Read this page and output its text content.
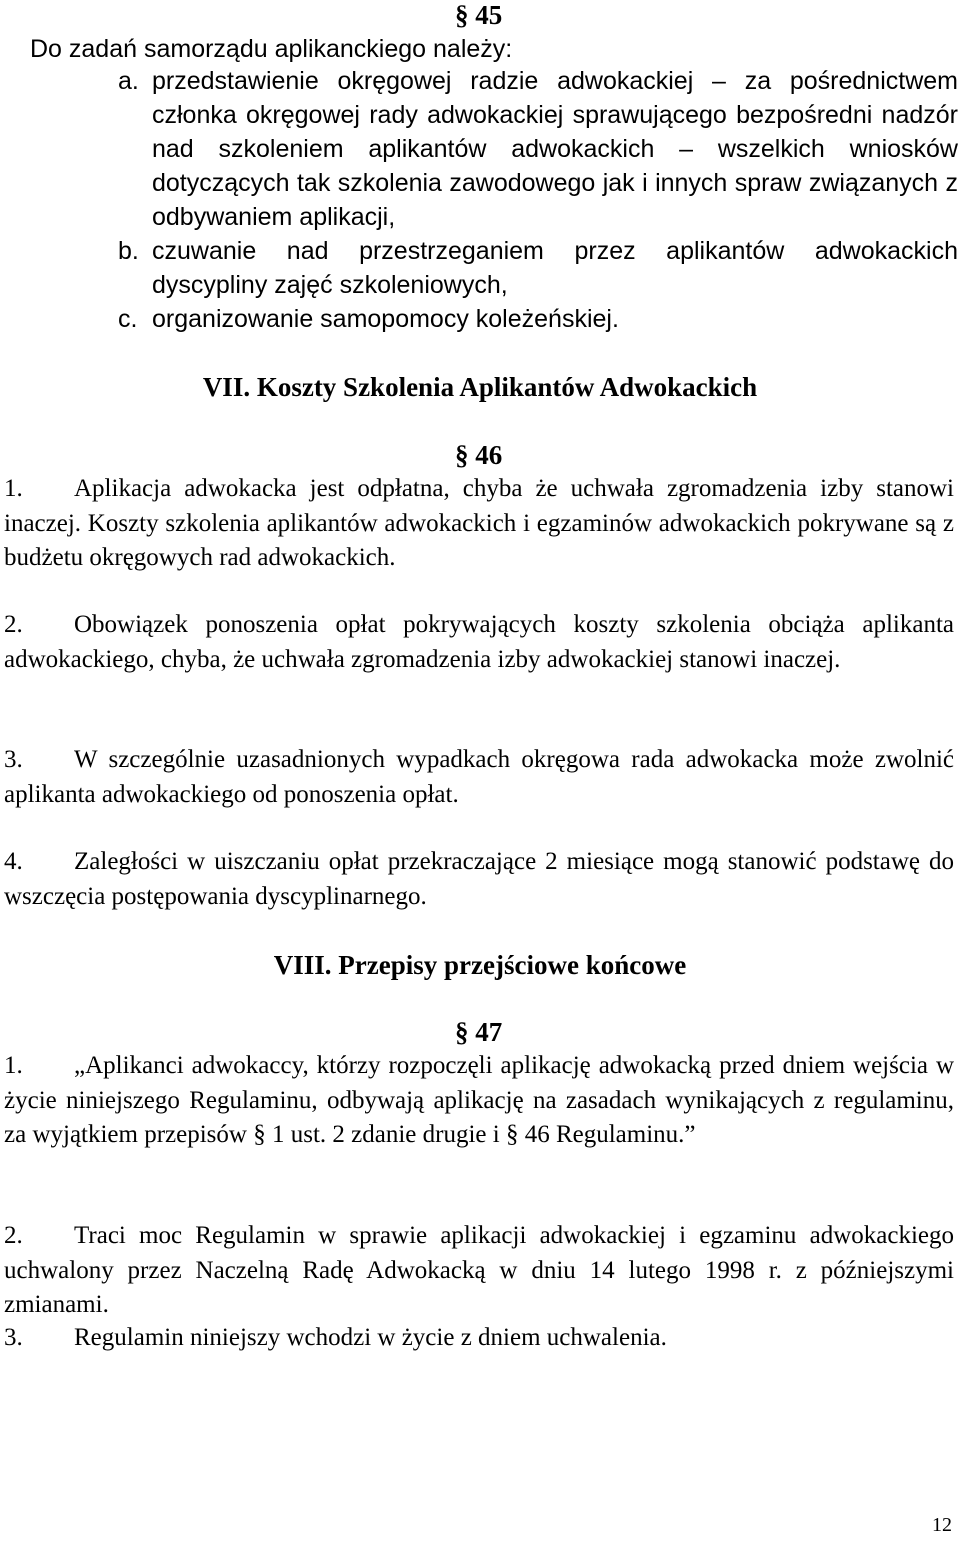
§ 45
Do zadań samorządu aplikanckiego należy:
a. przedstawienie okręgowej radzie adwokackiej – za pośrednictwem członka okręgowej rady adwokackiej sprawującego bezpośredni nadzór nad szkoleniem aplikantów adwokackich – wszelkich wniosków dotyczących tak szkolenia zawodowego jak i innych spraw związanych z odbywaniem aplikacji,
b. czuwanie nad przestrzeganiem przez aplikantów adwokackich dyscypliny zajęć szkoleniowych,
c. organizowanie samopomocy koleżeńskiej.
VII. Koszty Szkolenia Aplikantów Adwokackich
§ 46

1. Aplikacja adwokacka jest odpłatna, chyba że uchwała zgromadzenia izby stanowi inaczej. Koszty szkolenia aplikantów adwokackich i egzaminów adwokackich pokrywane są z budżetu okręgowych rad adwokackich.

2. Obowiązek ponoszenia opłat pokrywających koszty szkolenia obciąża aplikanta adwokackiego, chyba, że uchwała zgromadzenia izby adwokackiej stanowi inaczej.

3. W szczególnie uzasadnionych wypadkach okręgowa rada adwokacka może zwolnić aplikanta adwokackiego od ponoszenia opłat.

4. Zaległości w uiszczaniu opłat przekraczające 2 miesiące mogą stanowić podstawę do wszczęcia postępowania dyscyplinarnego.

VIII. Przepisy przejściowe końcowe
§ 47

1. „Aplikanci adwokaccy, którzy rozpoczęli aplikację adwokacką przed dniem wejścia w życie niniejszego Regulaminu, odbywają aplikację na zasadach wynikających z regulaminu, za wyjątkiem przepisów § 1 ust. 2 zdanie drugie i § 46 Regulaminu.”

2. Traci moc Regulamin w sprawie aplikacji adwokackiej i egzaminu adwokackiego uchwalony przez Naczelną Radę Adwokacką w dniu 14 lutego 1998 r. z późniejszymi zmianami.

3. Regulamin niniejszy wchodzi w życie z dniem uchwalenia.

12
